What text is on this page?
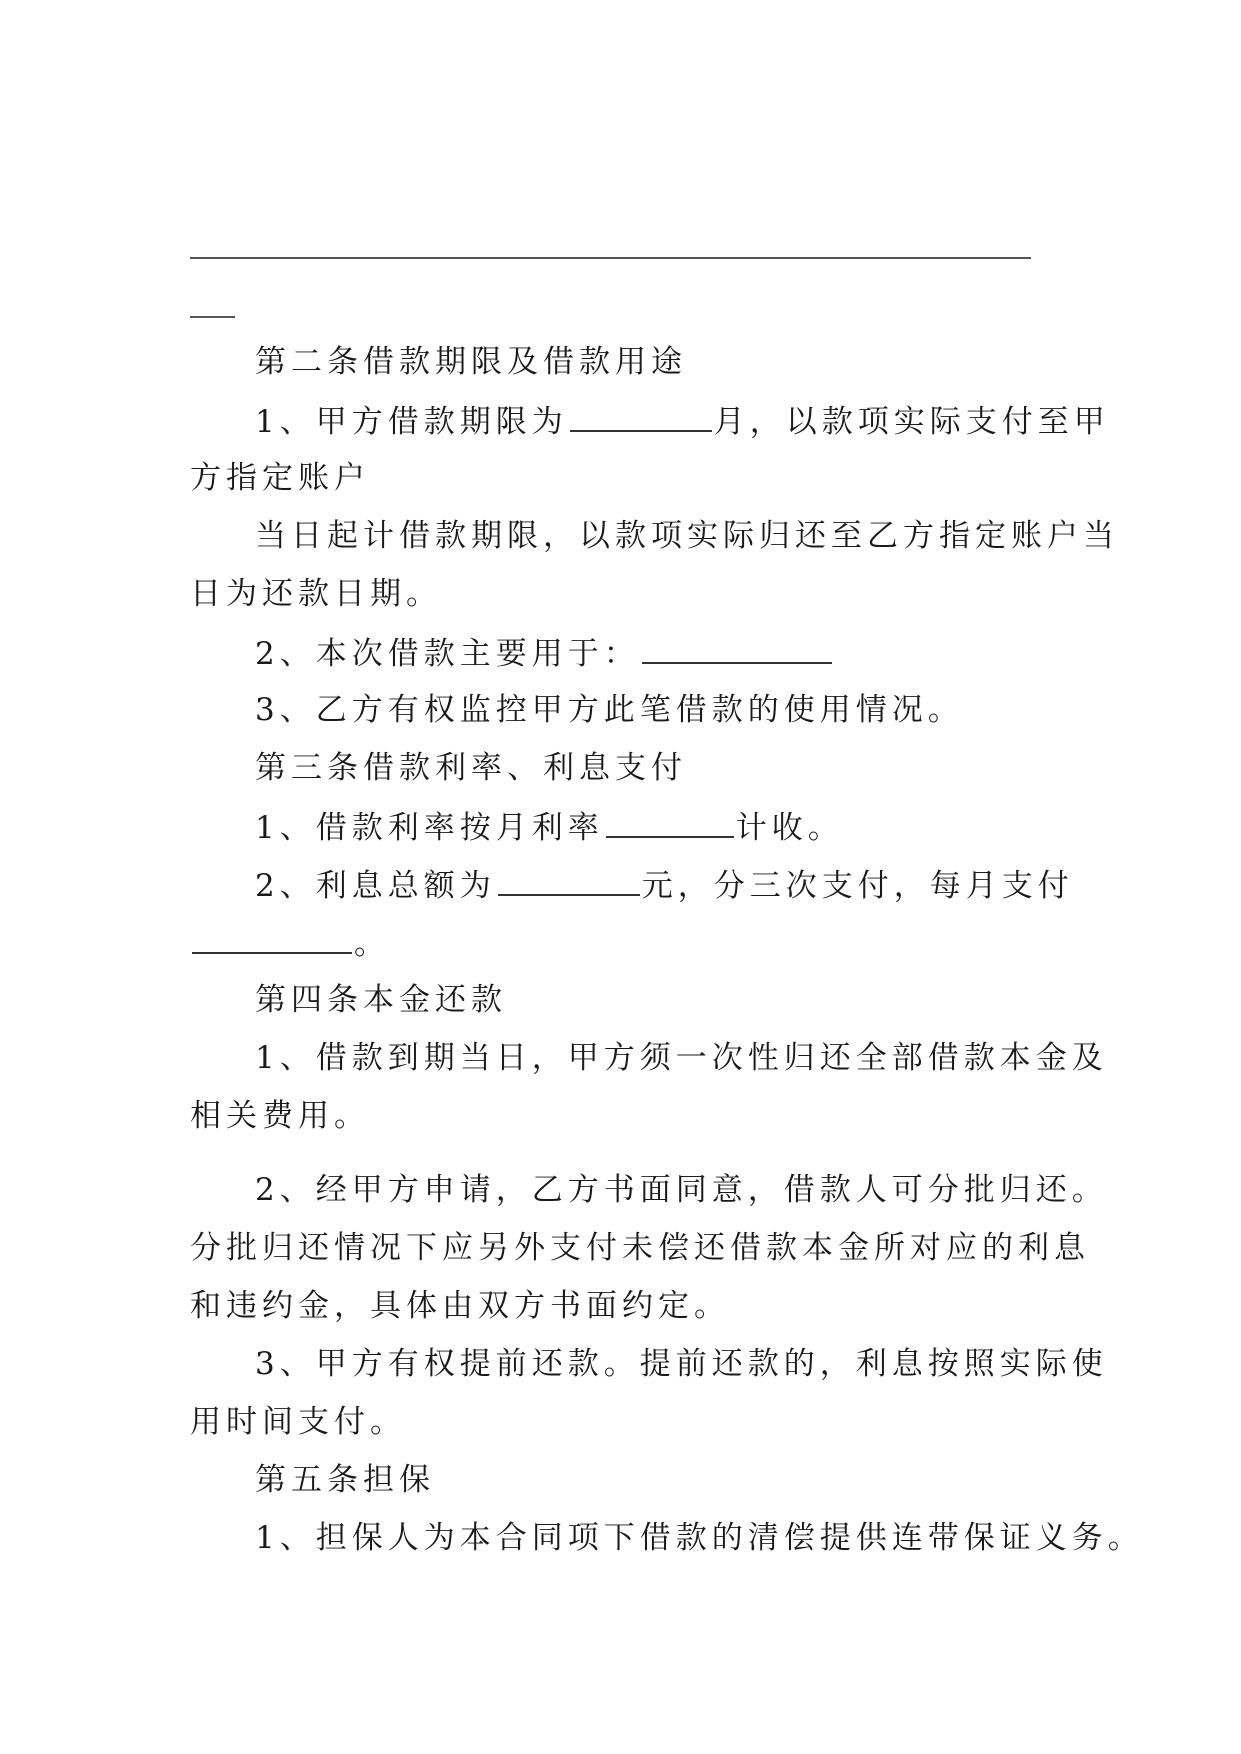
第二条借款期限及借款用途
1、甲方借款期限为	月，以款项实际支付至甲
方指定账户
当日起计借款期限，以款项实际归还至乙方指定账户当
日为还款日期。
2、本次借款主要用于：
3、乙方有权监控甲方此笔借款的使用情况。
第三条借款利率、利息支付
1、借款利率按月利率	计收。
2、利息总额为	元，分三次支付，每月支付
。
第四条本金还款
1、借款到期当日，甲方须一次性归还全部借款本金及
相关费用。
2、经甲方申请，乙方书面同意，借款人可分批归还。
分批归还情况下应另外支付未偿还借款本金所对应的利息
和违约金，具体由双方书面约定。
3、甲方有权提前还款。提前还款的，利息按照实际使
用时间支付。
第五条担保
1、担保人为本合同项下借款的清偿提供连带保证义务。
